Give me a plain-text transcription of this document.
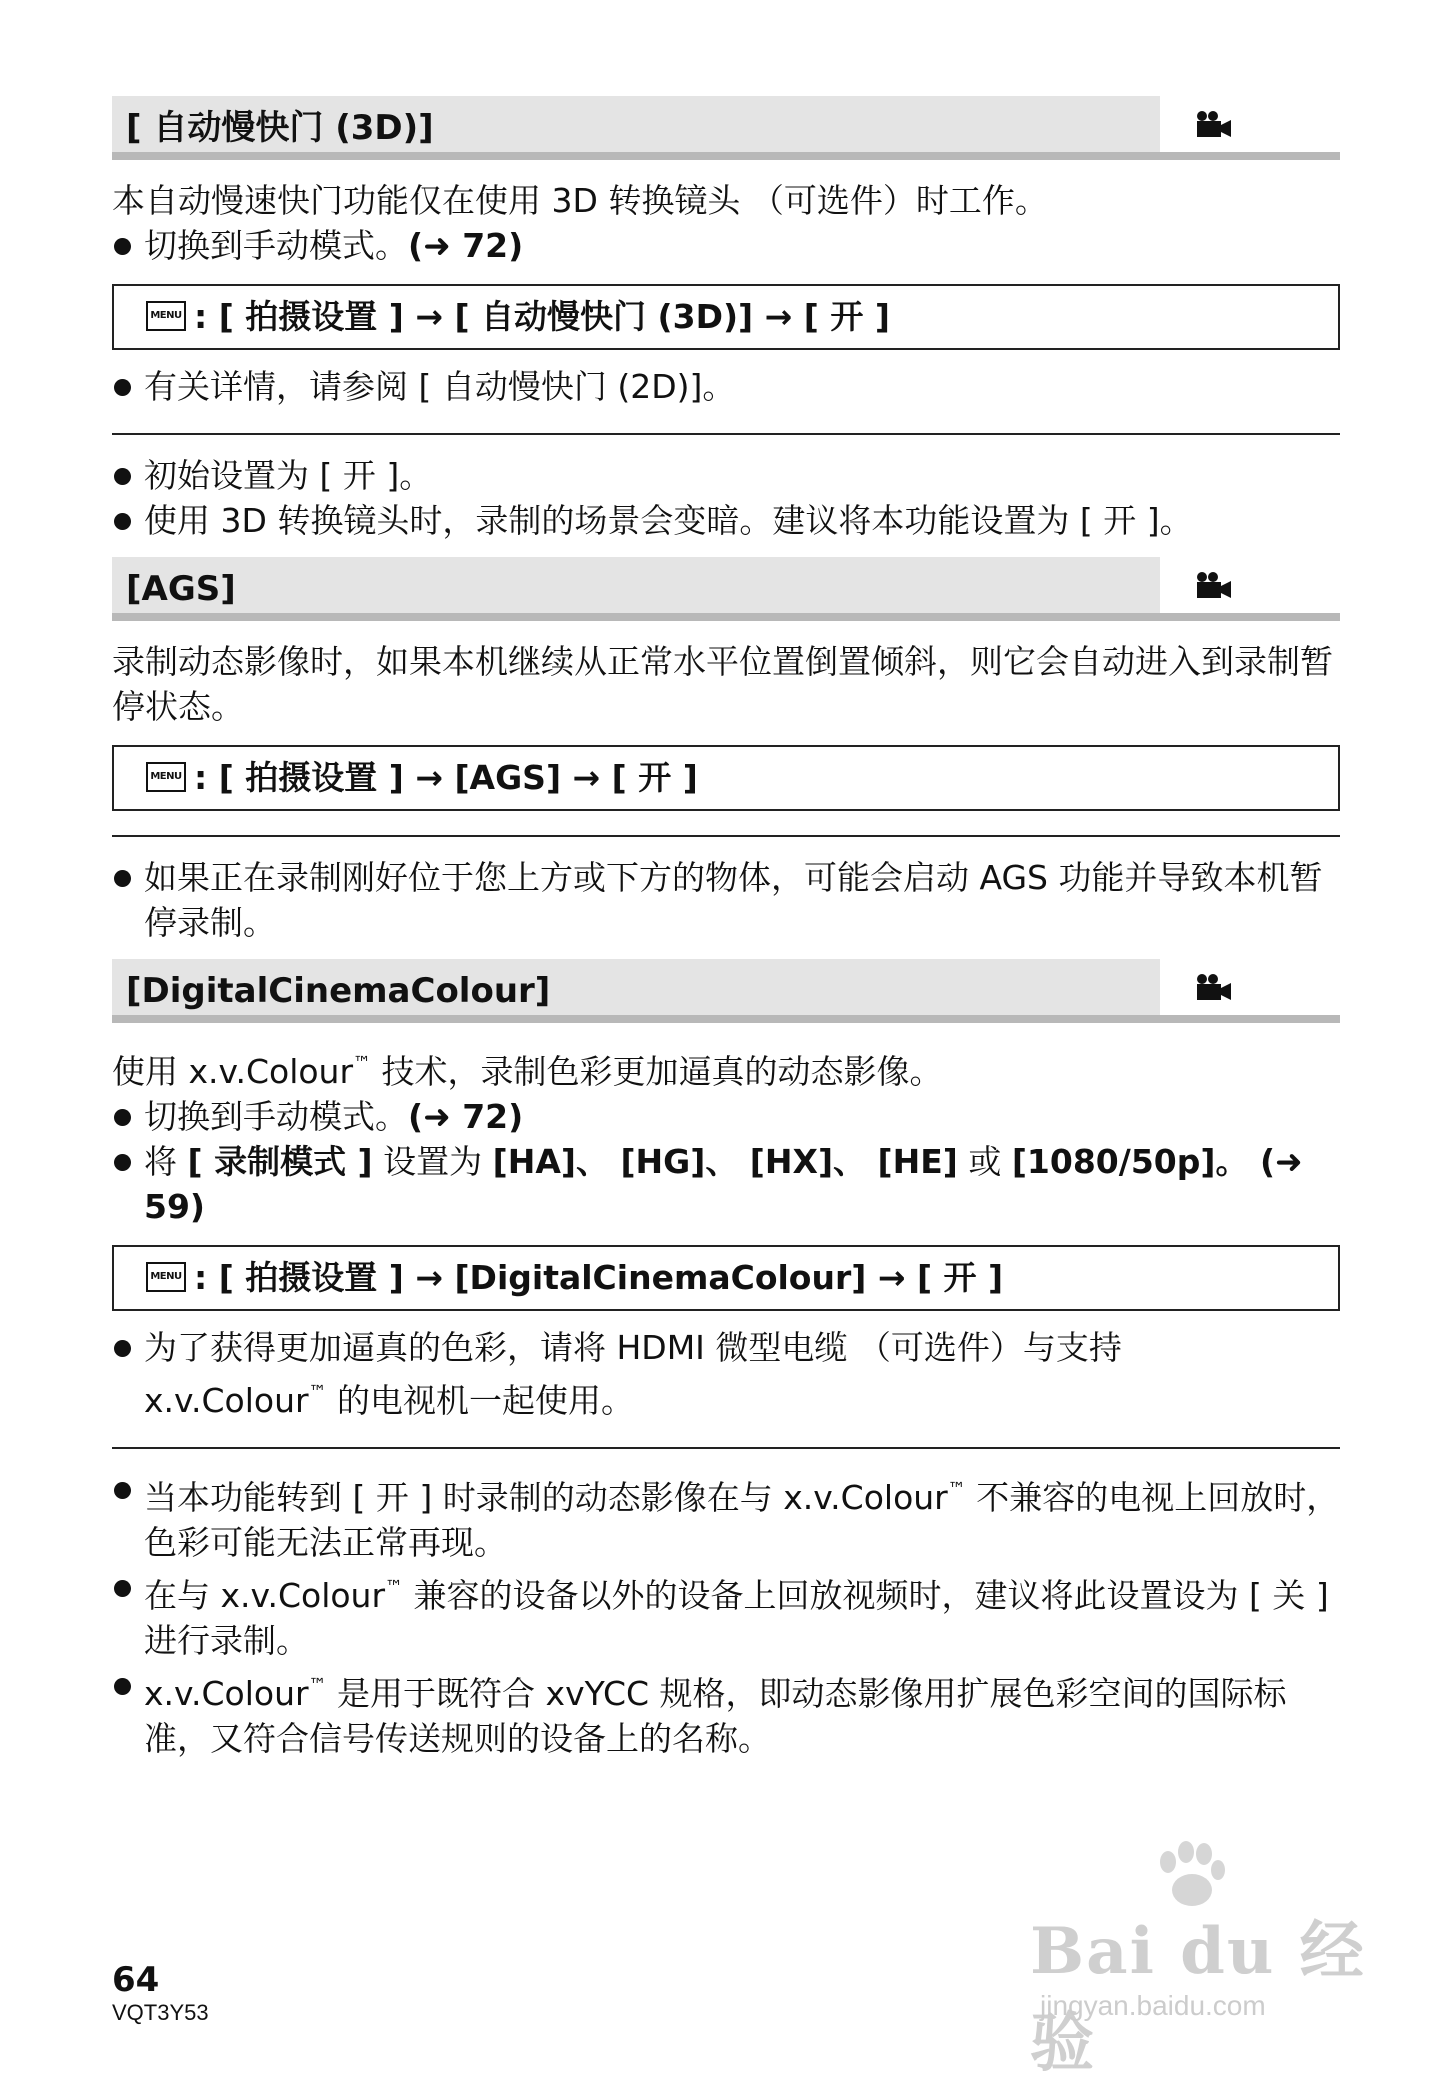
[ 自动慢快门 (3D)]

本自动慢速快门功能仅在使用 3D 转换镜头 （可选件）时工作。

切换到手动模式。(➜ 72)
MENU : [ 拍摄设置 ] → [ 自动慢快门 (3D)] → [ 开 ]
有关详情，请参阅 [ 自动慢快门 (2D)]。
初始设置为 [ 开 ]。
使用 3D 转换镜头时，录制的场景会变暗。建议将本功能设置为 [ 开 ]。
[AGS]

录制动态影像时，如果本机继续从正常水平位置倒置倾斜，则它会自动进入到录制暂停状态。

MENU : [ 拍摄设置 ] → [AGS] → [ 开 ]
如果正在录制刚好位于您上方或下方的物体，可能会启动 AGS 功能并导致本机暂停录制。
[DigitalCinemaColour]

使用 x.v.Colour™ 技术，录制色彩更加逼真的动态影像。

切换到手动模式。(➜ 72)
将 [ 录制模式 ] 设置为 [HA]、 [HG]、 [HX]、 [HE] 或 [1080/50p]。 (➜ 59)
MENU : [ 拍摄设置 ] → [DigitalCinemaColour] → [ 开 ]
为了获得更加逼真的色彩，请将 HDMI 微型电缆 （可选件）与支持
x.v.Colour™ 的电视机一起使用。
当本功能转到 [ 开 ] 时录制的动态影像在与 x.v.Colour™ 不兼容的电视上回放时，色彩可能无法正常再现。
在与 x.v.Colour™ 兼容的设备以外的设备上回放视频时，建议将此设置设为 [ 关 ] 进行录制。
x.v.Colour™ 是用于既符合 xvYCC 规格，即动态影像用扩展色彩空间的国际标准，又符合信号传送规则的设备上的名称。
64
VQT3Y53
Bai du 经验
jingyan.baidu.com
